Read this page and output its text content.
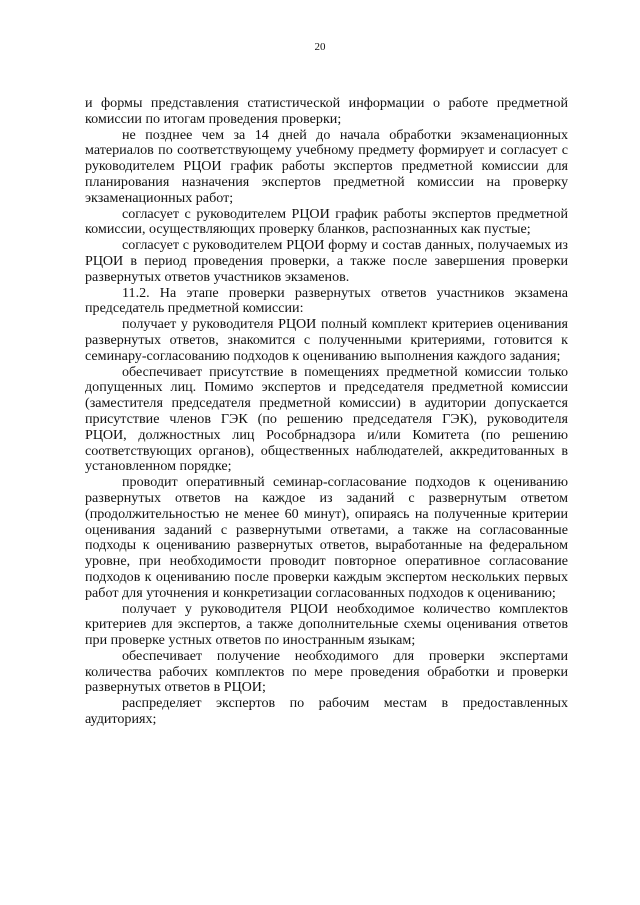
20

и формы представления статистической информации о работе предметной комиссии по итогам проведения проверки;

не позднее чем за 14 дней до начала обработки экзаменационных материалов по соответствующему учебному предмету формирует и согласует с руководителем РЦОИ график работы экспертов предметной комиссии для планирования назначения экспертов предметной комиссии на проверку экзаменационных работ;

согласует с руководителем РЦОИ график работы экспертов предметной комиссии, осуществляющих проверку бланков, распознанных как пустые;

согласует с руководителем РЦОИ форму и состав данных, получаемых из РЦОИ в период проведения проверки, а также после завершения проверки развернутых ответов участников экзаменов.

11.2. На этапе проверки развернутых ответов участников экзамена председатель предметной комиссии:

получает у руководителя РЦОИ полный комплект критериев оценивания развернутых ответов, знакомится с полученными критериями, готовится к семинару-согласованию подходов к оцениванию выполнения каждого задания;

обеспечивает присутствие в помещениях предметной комиссии только допущенных лиц. Помимо экспертов и председателя предметной комиссии (заместителя председателя предметной комиссии) в аудитории допускается присутствие членов ГЭК (по решению председателя ГЭК), руководителя РЦОИ, должностных лиц Рособрнадзора и/или Комитета (по решению соответствующих органов), общественных наблюдателей, аккредитованных в установленном порядке;

проводит оперативный семинар-согласование подходов к оцениванию развернутых ответов на каждое из заданий с развернутым ответом (продолжительностью не менее 60 минут), опираясь на полученные критерии оценивания заданий с развернутыми ответами, а также на согласованные подходы к оцениванию развернутых ответов, выработанные на федеральном уровне, при необходимости проводит повторное оперативное согласование подходов к оцениванию после проверки каждым экспертом нескольких первых работ для уточнения и конкретизации согласованных подходов к оцениванию;

получает у руководителя РЦОИ необходимое количество комплектов критериев для экспертов, а также дополнительные схемы оценивания ответов при проверке устных ответов по иностранным языкам;

обеспечивает получение необходимого для проверки экспертами количества рабочих комплектов по мере проведения обработки и проверки развернутых ответов в РЦОИ;

распределяет экспертов по рабочим местам в предоставленных аудиториях;
